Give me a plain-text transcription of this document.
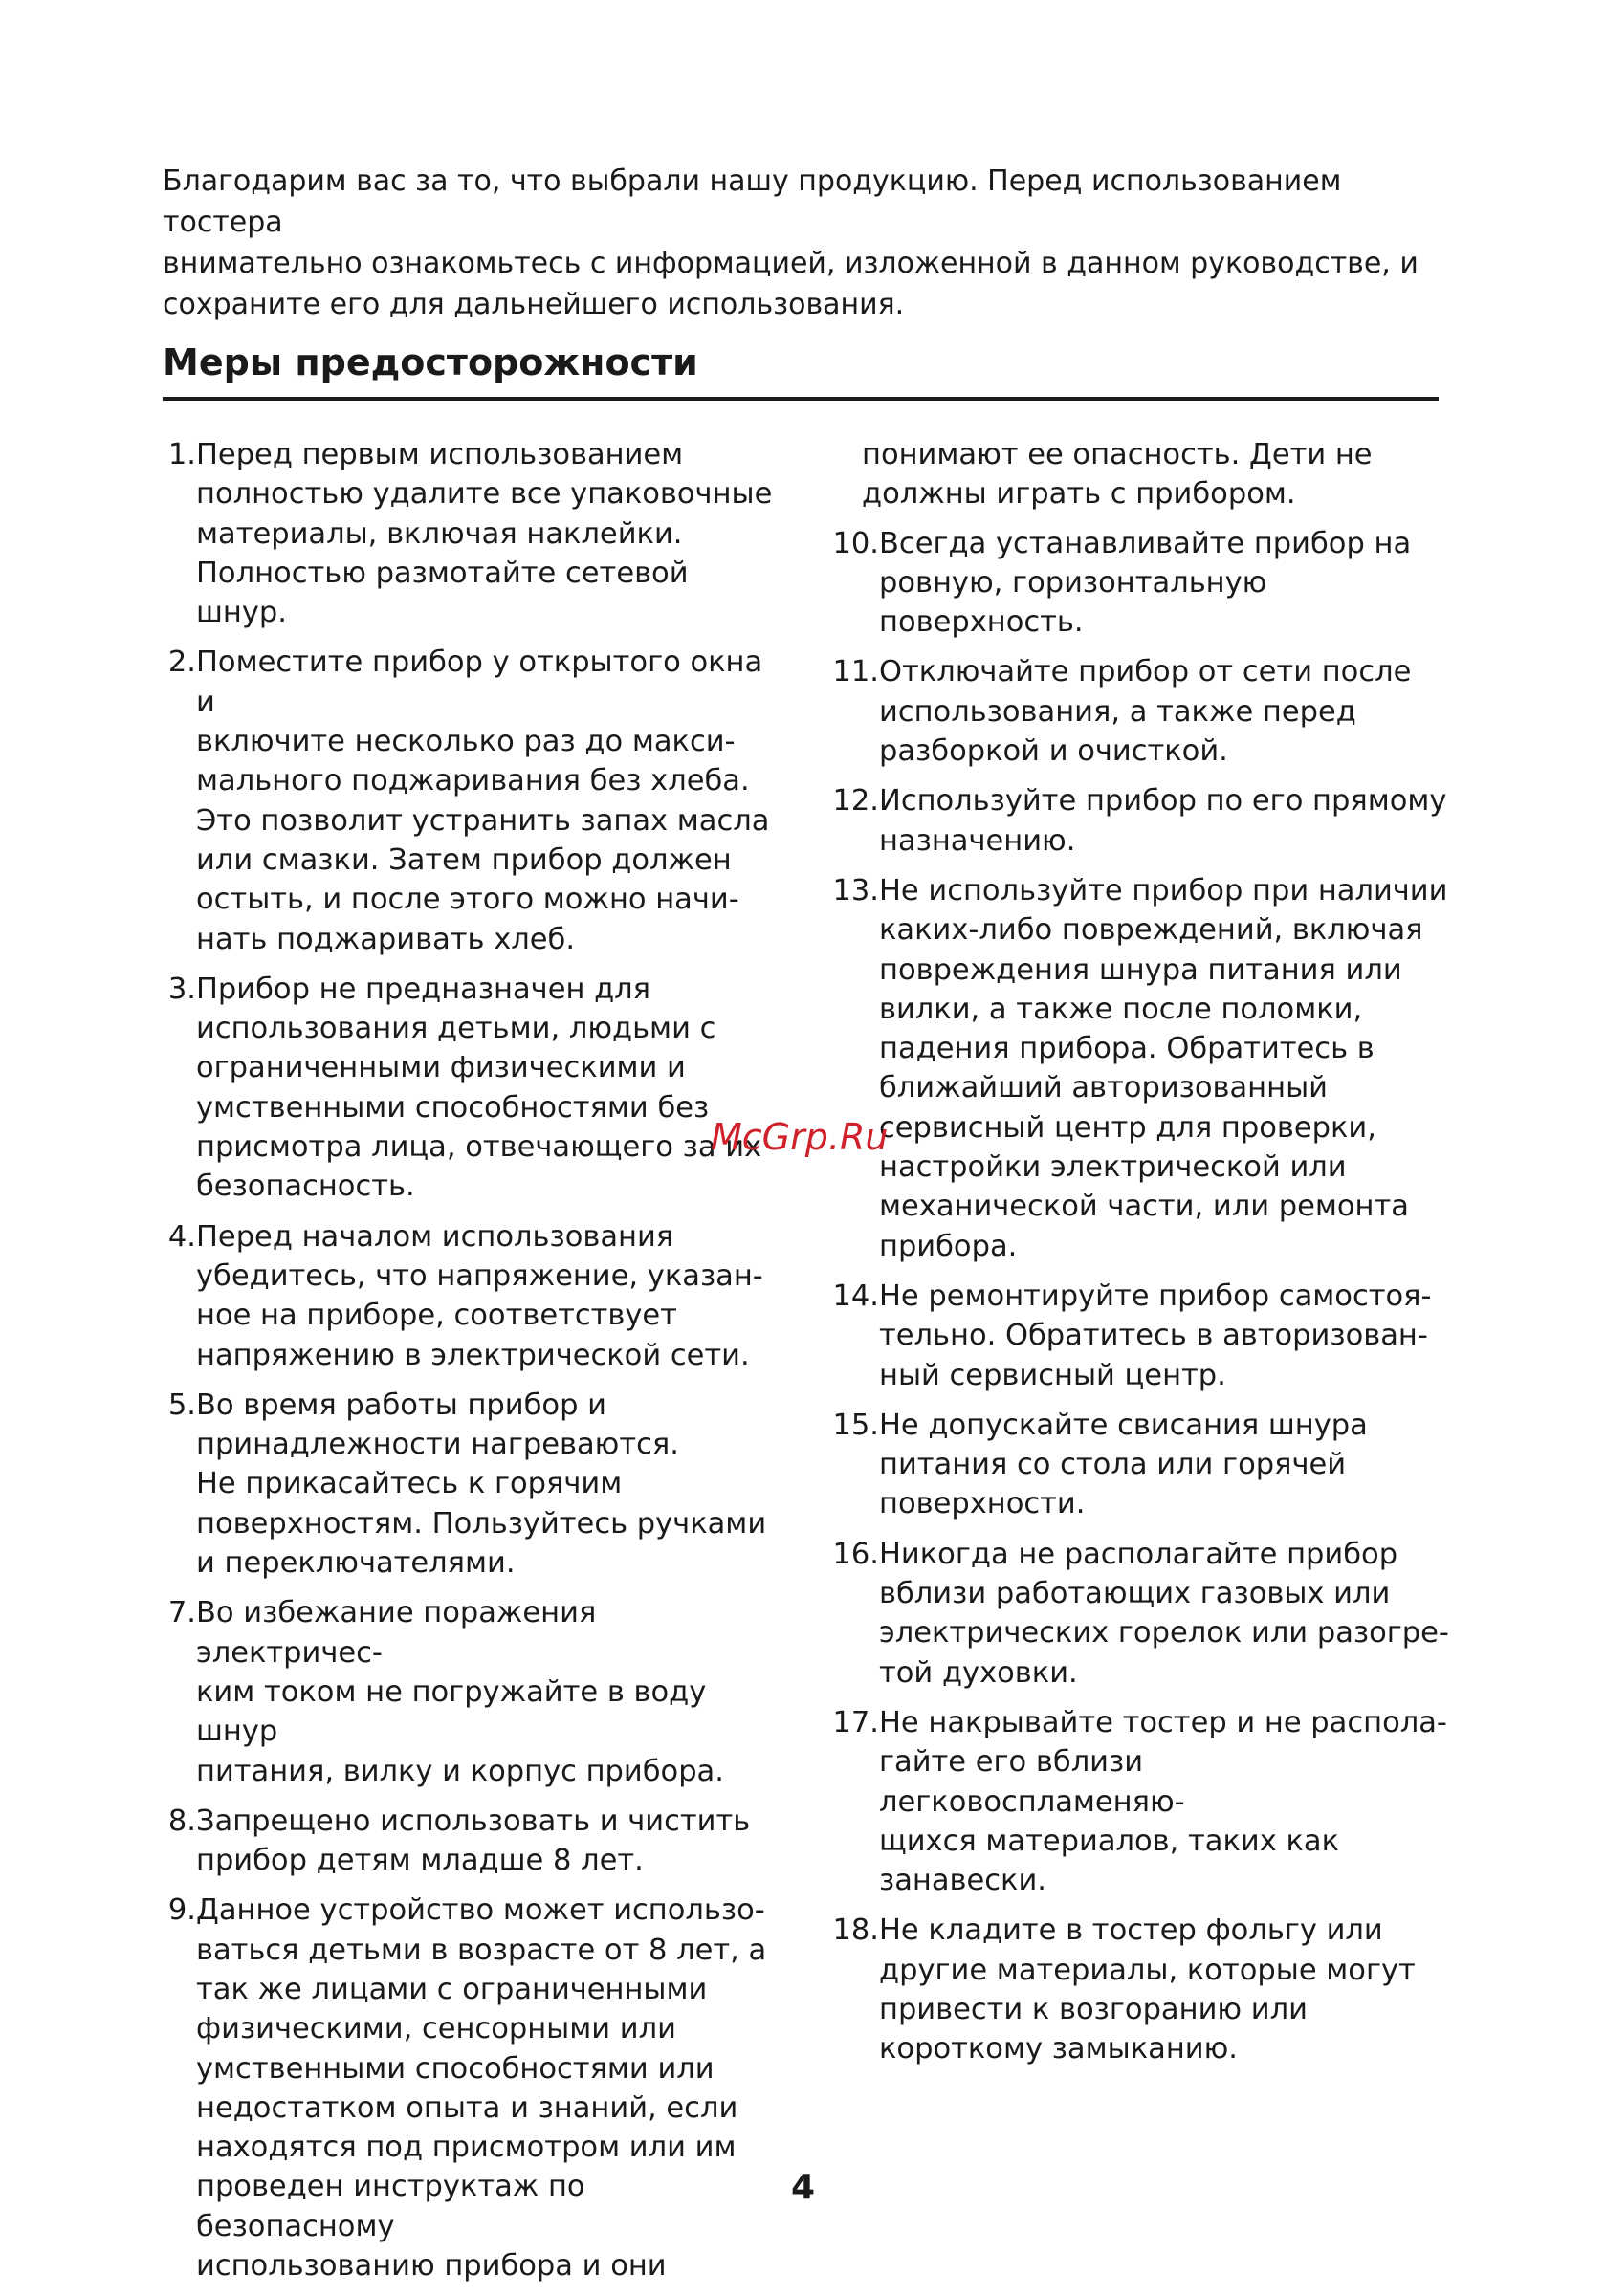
Благодарим вас за то, что выбрали нашу продукцию. Перед использованием тостера
внимательно ознакомьтесь с информацией, изложенной в данном руководстве, и
сохраните его для дальнейшего использования.

Меры предосторожности
1. Перед первым использованием
полностью удалите все упаковочные
материалы, включая наклейки.
Полностью размотайте сетевой шнур.
2. Поместите прибор у открытого окна и
включите несколько раз до макси-
мального поджаривания без хлеба.
Это позволит устранить запах масла
или смазки. Затем прибор должен
остыть, и после этого можно начи-
нать поджаривать хлеб.
3. Прибор не предназначен для
использования детьми, людьми с
ограниченными физическими и
умственными способностями без
присмотра лица, отвечающего за их
безопасность.
4. Перед началом использования
убедитесь, что напряжение, указан-
ное на приборе, соответствует
напряжению в электрической сети.
5. Во время работы прибор и
принадлежности нагреваются.
Не прикасайтесь к горячим
поверхностям. Пользуйтесь ручками
и переключателями.
7. Во избежание поражения электричес-
ким током не погружайте в воду шнур
питания, вилку и корпус прибора.
8. Запрещено использовать и чистить
прибор детям младше 8 лет.
9. Данное устройство может использо-
ваться детьми в возрасте от 8 лет, а
так же лицами с ограниченными
физическими, сенсорными или
умственными способностями или
недостатком опыта и знаний, если
находятся под присмотром или им
проведен инструктаж по безопасному
использованию прибора и они
понимают ее опасность. Дети не
должны играть с прибором.
10. Всегда устанавливайте прибор на
ровную, горизонтальную
поверхность.
11. Отключайте прибор от сети после
использования, а также перед
разборкой и очисткой.
12. Используйте прибор по его прямому
назначению.
13. Не используйте прибор при наличии
каких-либо повреждений, включая
повреждения шнура питания или
вилки, а также после поломки,
падения прибора. Обратитесь в
ближайший авторизованный
сервисный центр для проверки,
настройки электрической или
механической части, или ремонта
прибора.
14. Не ремонтируйте прибор самостоя-
тельно. Обратитесь в авторизован-
ный сервисный центр.
15. Не допускайте свисания шнура
питания со стола или горячей
поверхности.
16. Никогда не располагайте прибор
вблизи работающих газовых или
электрических горелок или разогре-
той духовки.
17. Не накрывайте тостер и не распола-
гайте его вблизи легковоспламеняю-
щихся материалов, таких как
занавески.
18. Не кладите в тостер фольгу или
другие материалы, которые могут
привести к возгоранию или
короткому замыканию.
McGrp.Ru
4
